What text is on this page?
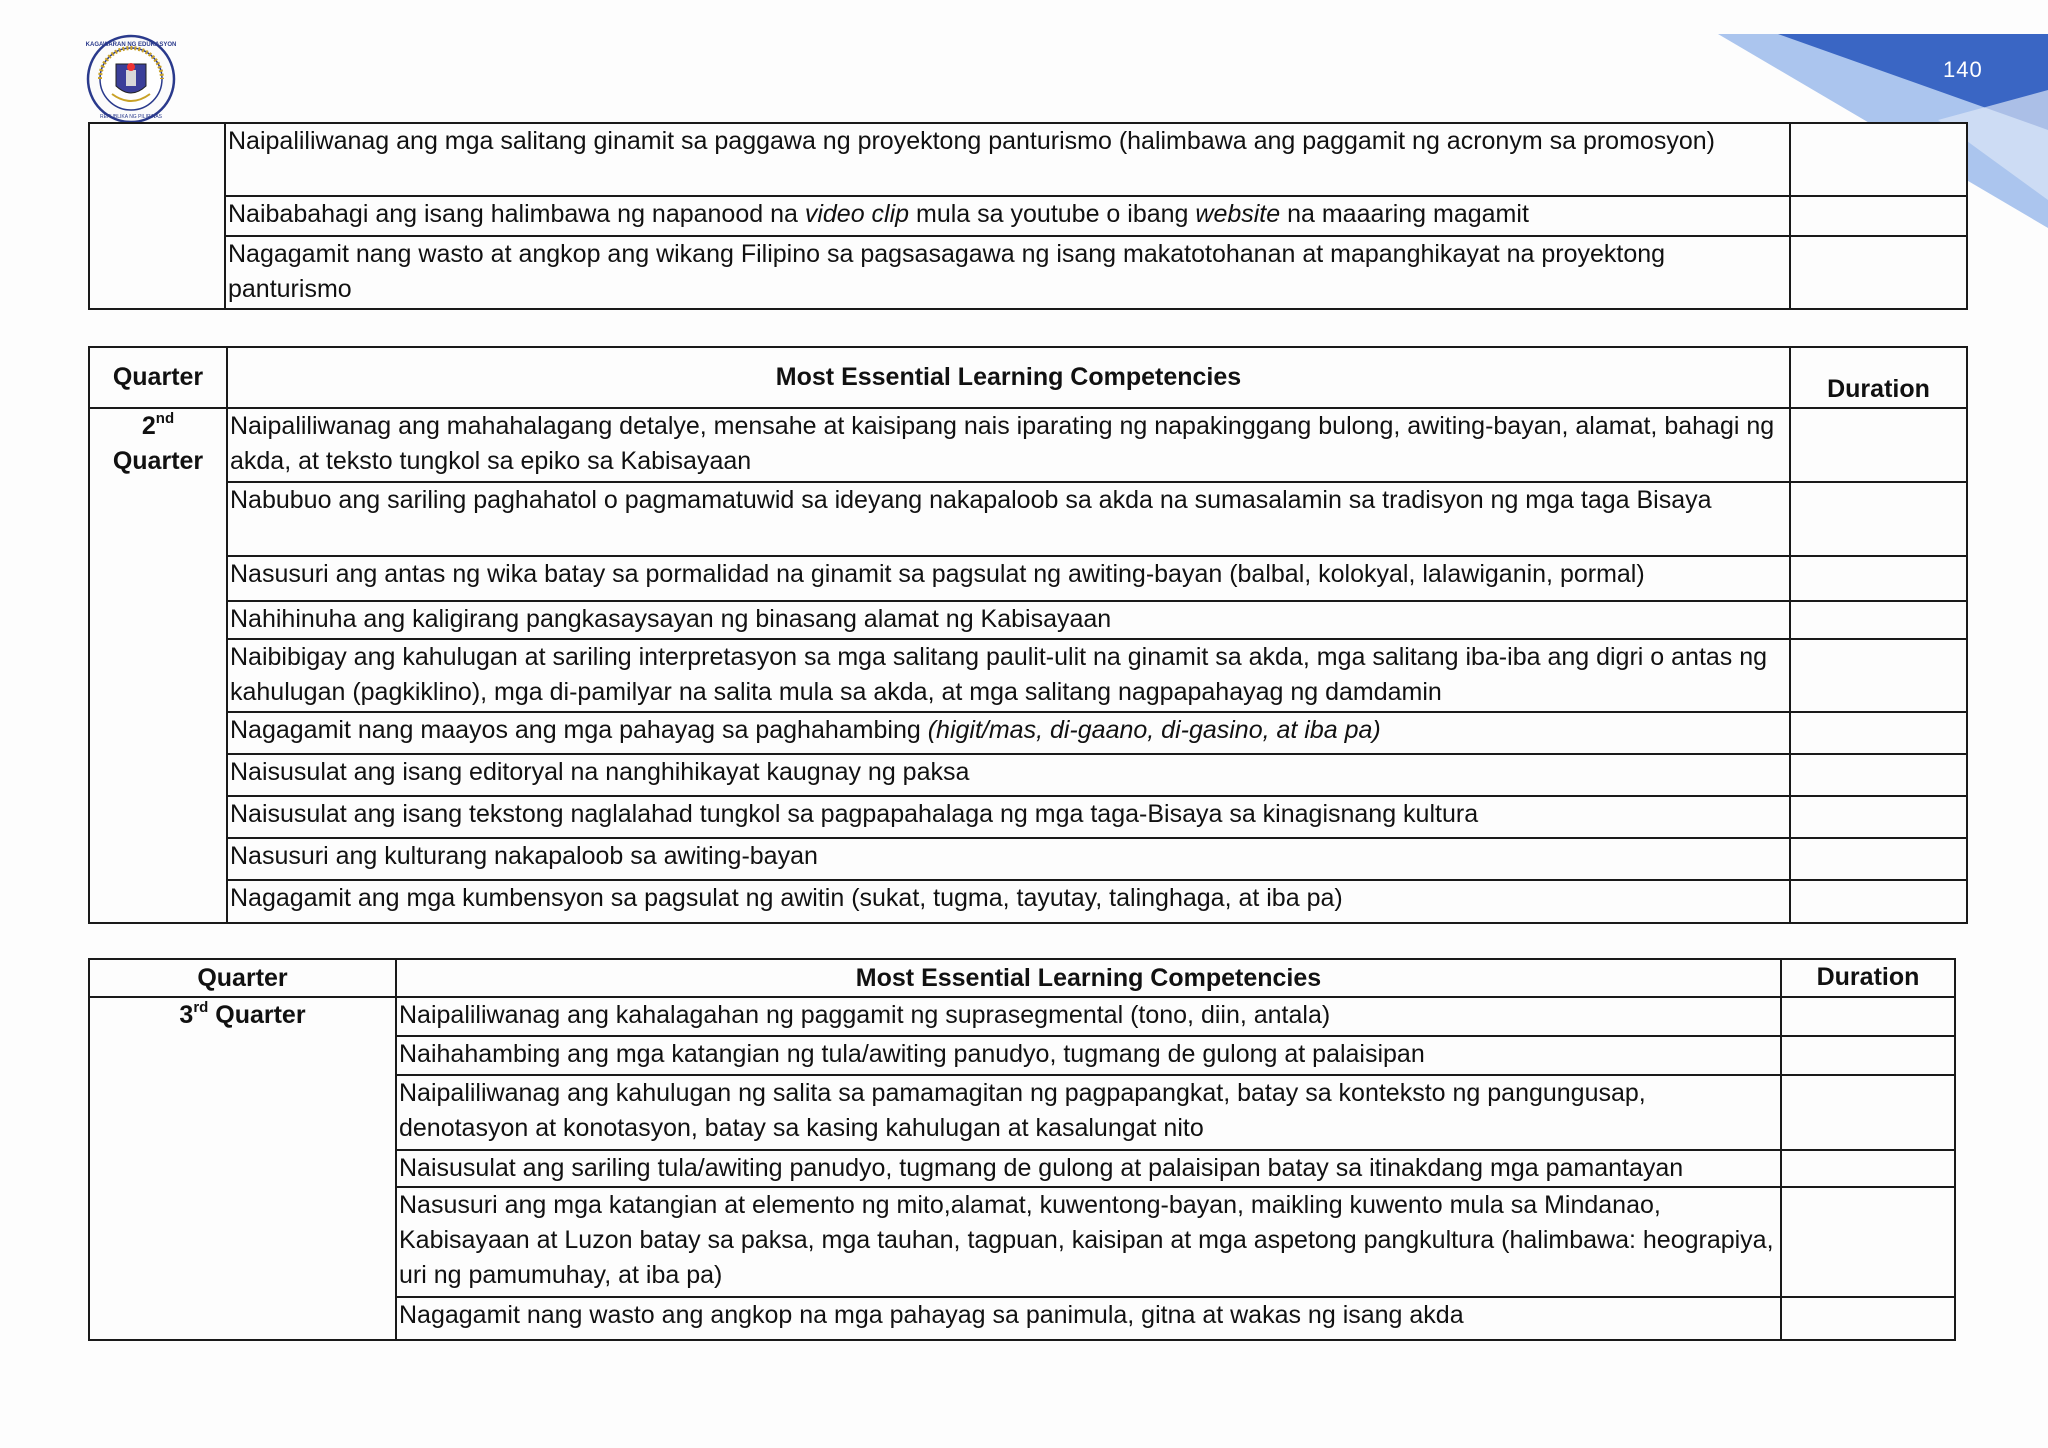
KAGAWARAN NG EDUKASYON
REPUBLIKA NG PILIPINAS
140
	Naipaliliwanag ang mga salitang ginamit sa paggawa ng proyektong panturismo (halimbawa ang paggamit ng acronym sa promosyon)	
	Naibabahagi ang isang halimbawa ng napanood na video clip mula sa youtube o ibang website na maaaring magamit	
	Nagagamit nang wasto at angkop ang wikang Filipino sa pagsasagawa ng isang makatotohanan at mapanghikayat na proyektong panturismo	
Quarter	Most Essential Learning Competencies	Duration
2nd
Quarter	Naipaliliwanag ang mahahalagang detalye, mensahe at kaisipang nais iparating ng napakinggang bulong, awiting-bayan, alamat, bahagi ng akda, at teksto tungkol sa epiko sa Kabisayaan	
	Nabubuo ang sariling paghahatol o pagmamatuwid sa ideyang nakapaloob sa akda na sumasalamin sa tradisyon ng mga taga Bisaya	
	Nasusuri ang antas ng wika batay sa pormalidad na ginamit sa pagsulat ng awiting-bayan (balbal, kolokyal, lalawiganin, pormal)	
	Nahihinuha ang kaligirang pangkasaysayan ng binasang alamat ng Kabisayaan	
	Naibibigay ang kahulugan at sariling interpretasyon sa mga salitang paulit-ulit na ginamit sa akda, mga salitang iba-iba ang digri o antas ng kahulugan (pagkiklino), mga di-pamilyar na salita mula sa akda, at mga salitang nagpapahayag ng damdamin	
	Nagagamit nang maayos ang mga pahayag sa paghahambing (higit/mas, di-gaano, di-gasino, at iba pa)	
	Naisusulat ang isang editoryal na nanghihikayat kaugnay ng paksa	
	Naisusulat ang isang tekstong naglalahad tungkol sa pagpapahalaga ng mga taga-Bisaya sa kinagisnang kultura	
	Nasusuri ang kulturang nakapaloob sa awiting-bayan	
	Nagagamit ang mga kumbensyon sa pagsulat ng awitin (sukat, tugma, tayutay, talinghaga, at iba pa)	
Quarter	Most Essential Learning Competencies	Duration
3rd Quarter	Naipaliliwanag ang kahalagahan ng paggamit ng suprasegmental (tono, diin, antala)	
	Naihahambing ang mga katangian ng tula/awiting panudyo, tugmang de gulong at palaisipan	
	Naipaliliwanag ang kahulugan ng salita sa pamamagitan ng pagpapangkat, batay sa konteksto ng pangungusap, denotasyon at konotasyon, batay sa kasing kahulugan at kasalungat nito	
	Naisusulat ang sariling tula/awiting panudyo, tugmang de gulong at palaisipan batay sa itinakdang mga pamantayan	
	Nasusuri ang mga katangian at elemento ng mito,alamat, kuwentong-bayan, maikling kuwento mula sa Mindanao, Kabisayaan at Luzon batay sa paksa, mga tauhan, tagpuan, kaisipan at mga aspetong pangkultura (halimbawa: heograpiya, uri ng pamumuhay, at iba pa)	
	Nagagamit nang wasto ang angkop na mga pahayag sa panimula, gitna at wakas ng isang akda	
